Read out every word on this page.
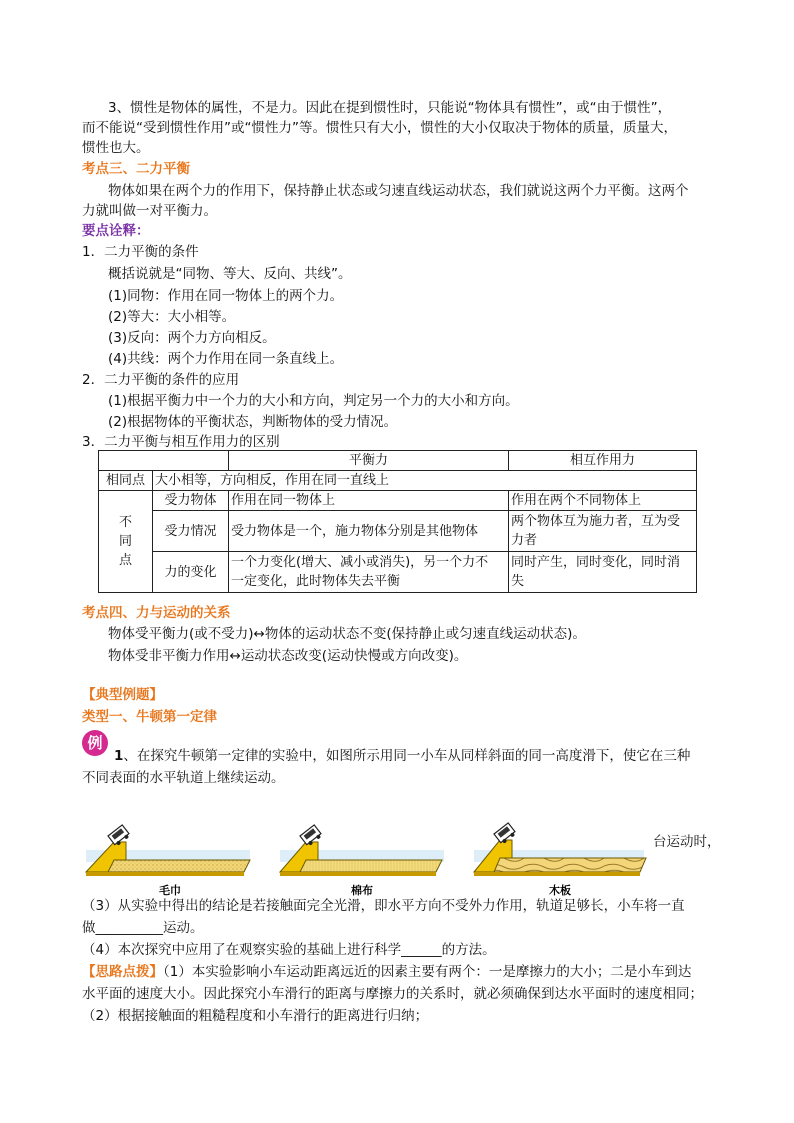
3、惯性是物体的属性，不是力。因此在提到惯性时，只能说“物体具有惯性”，或“由于惯性”，
而不能说“受到惯性作用”或“惯性力”等。惯性只有大小，惯性的大小仅取决于物体的质量，质量大，
惯性也大。
考点三、二力平衡
物体如果在两个力的作用下，保持静止状态或匀速直线运动状态，我们就说这两个力平衡。这两个
力就叫做一对平衡力。
要点诠释：
1．二力平衡的条件
概括说就是“同物、等大、反向、共线”。
(1)同物：作用在同一物体上的两个力。
(2)等大：大小相等。
(3)反向：两个力方向相反。
(4)共线：两个力作用在同一条直线上。
2．二力平衡的条件的应用
(1)根据平衡力中一个力的大小和方向，判定另一个力的大小和方向。
(2)根据物体的平衡状态，判断物体的受力情况。
3．二力平衡与相互作用力的区别
		平衡力	相互作用力
相同点	大小相等，方向相反，作用在同一直线上		
不
同
点	受力物体	作用在同一物体上	作用在两个不同物体上
	受力情况	受力物体是一个，施力物体分别是其他物体	两个物体互为施力者，互为受
力者
	力的变化	一个力变化(增大、减小或消失)，另一个力不
一定变化，此时物体失去平衡	同时产生，同时变化，同时消
失
考点四、力与运动的关系
物体受平衡力(或不受力)↔物体的运动状态不变(保持静止或匀速直线运动状态)。
物体受非平衡力作用↔运动状态改变(运动快慢或方向改变)。
【典型例题】
类型一、牛顿第一定律
例
1、在探究牛顿第一定律的实验中，如图所示用同一小车从同样斜面的同一高度滑下，使它在三种
不同表面的水平轨道上继续运动。
毛巾	棉布	木板
台运动时，
（3）从实验中得出的结论是若接触面完全光滑，即水平方向不受外力作用，轨道足够长，小车将一直
做__________运动。
（4）本次探究中应用了在观察实验的基础上进行科学______的方法。
【思路点拨】（1）本实验影响小车运动距离远近的因素主要有两个：一是摩擦力的大小；二是小车到达
水平面的速度大小。因此探究小车滑行的距离与摩擦力的关系时，就必须确保到达水平面时的速度相同；
（2）根据接触面的粗糙程度和小车滑行的距离进行归纳；
